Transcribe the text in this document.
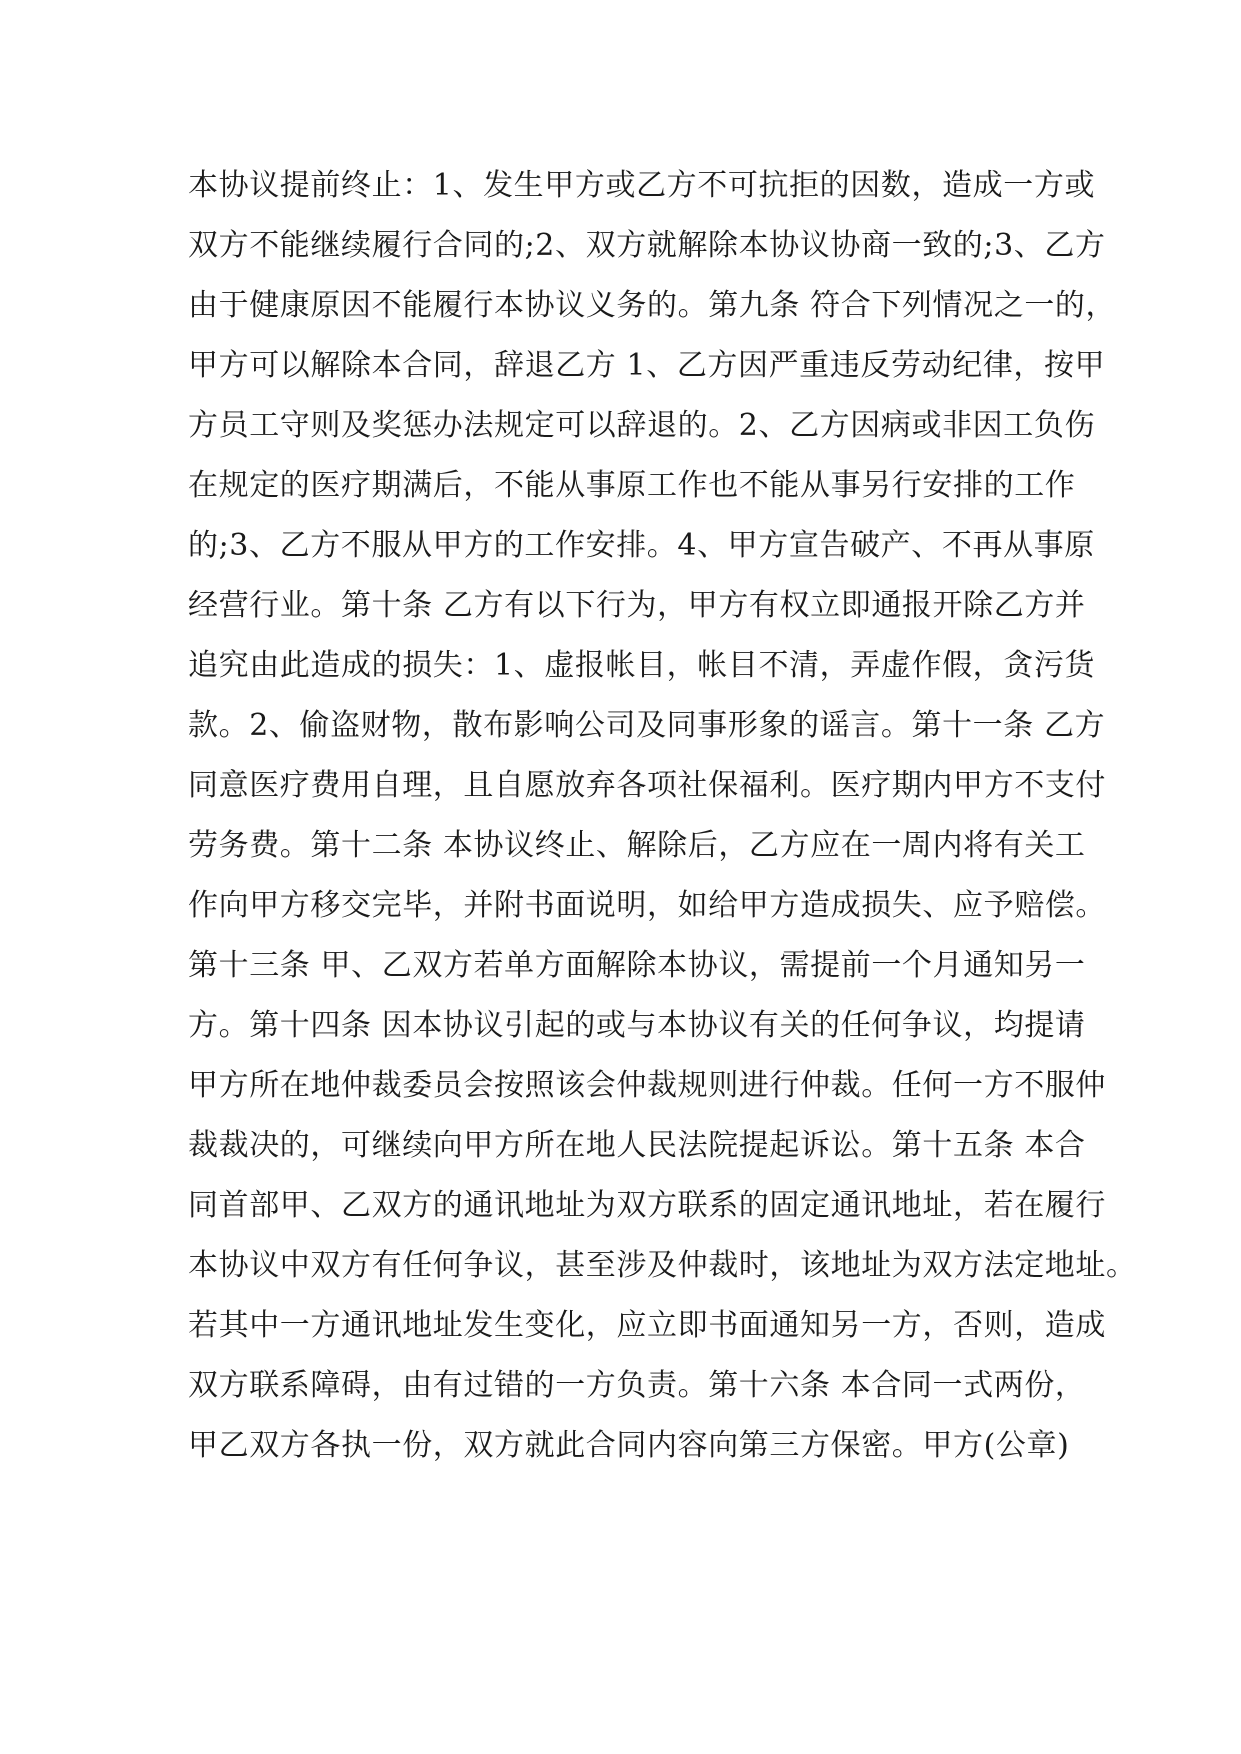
本协议提前终止：1、发生甲方或乙方不可抗拒的因数，造成一方或
双方不能继续履行合同的;2、双方就解除本协议协商一致的;3、乙方
由于健康原因不能履行本协议义务的。第九条 符合下列情况之一的，
甲方可以解除本合同，辞退乙方 1、乙方因严重违反劳动纪律，按甲
方员工守则及奖惩办法规定可以辞退的。2、乙方因病或非因工负伤
在规定的医疗期满后，不能从事原工作也不能从事另行安排的工作
的;3、乙方不服从甲方的工作安排。4、甲方宣告破产、不再从事原
经营行业。第十条 乙方有以下行为，甲方有权立即通报开除乙方并
追究由此造成的损失：1、虚报帐目，帐目不清，弄虚作假，贪污货
款。2、偷盗财物，散布影响公司及同事形象的谣言。第十一条 乙方
同意医疗费用自理，且自愿放弃各项社保福利。医疗期内甲方不支付
劳务费。第十二条 本协议终止、解除后，乙方应在一周内将有关工
作向甲方移交完毕，并附书面说明，如给甲方造成损失、应予赔偿。
第十三条 甲、乙双方若单方面解除本协议，需提前一个月通知另一
方。第十四条 因本协议引起的或与本协议有关的任何争议，均提请
甲方所在地仲裁委员会按照该会仲裁规则进行仲裁。任何一方不服仲
裁裁决的，可继续向甲方所在地人民法院提起诉讼。第十五条 本合
同首部甲、乙双方的通讯地址为双方联系的固定通讯地址，若在履行
本协议中双方有任何争议，甚至涉及仲裁时，该地址为双方法定地址。
若其中一方通讯地址发生变化，应立即书面通知另一方，否则，造成
双方联系障碍，由有过错的一方负责。第十六条 本合同一式两份，
甲乙双方各执一份，双方就此合同内容向第三方保密。甲方(公章)
